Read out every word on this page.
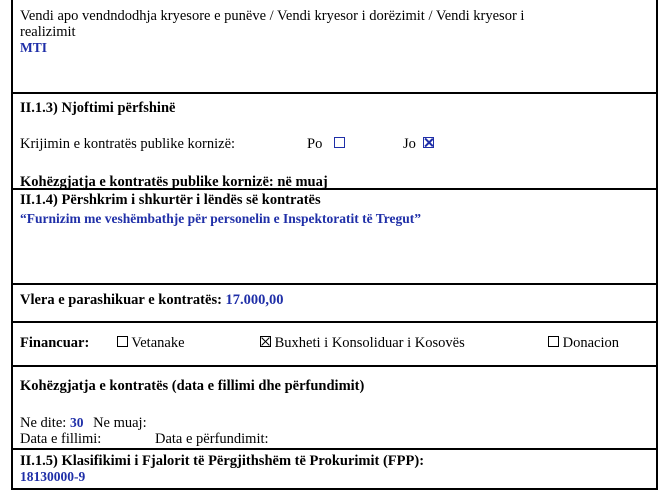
Vendi apo vendndodhja kryesore e punëve / Vendi kryesor i dorëzimit / Vendi kryesor i
realizimit
MTI
II.1.3) Njoftimi përfshinë
Krijimin e kontratës publike kornizë:	Po	Jo
Kohëzgjatja e kontratës publike kornizë: në muaj
II.1.4) Përshkrim i shkurtër i lëndës së kontratës
“Furnizim me veshëmbathje për personelin e Inspektoratit të Tregut”
Vlera e parashikuar e kontratës: 17.000,00
Financuar:	Vetanake	Buxheti i Konsoliduar i Kosovës	Donacion
Kohëzgjatja e kontratës (data e fillimi dhe përfundimit)
Ne dite: 30 Ne muaj:
Data e fillimi:	Data e përfundimit:
II.1.5) Klasifikimi i Fjalorit të Përgjithshëm të Prokurimit (FPP):
18130000-9
